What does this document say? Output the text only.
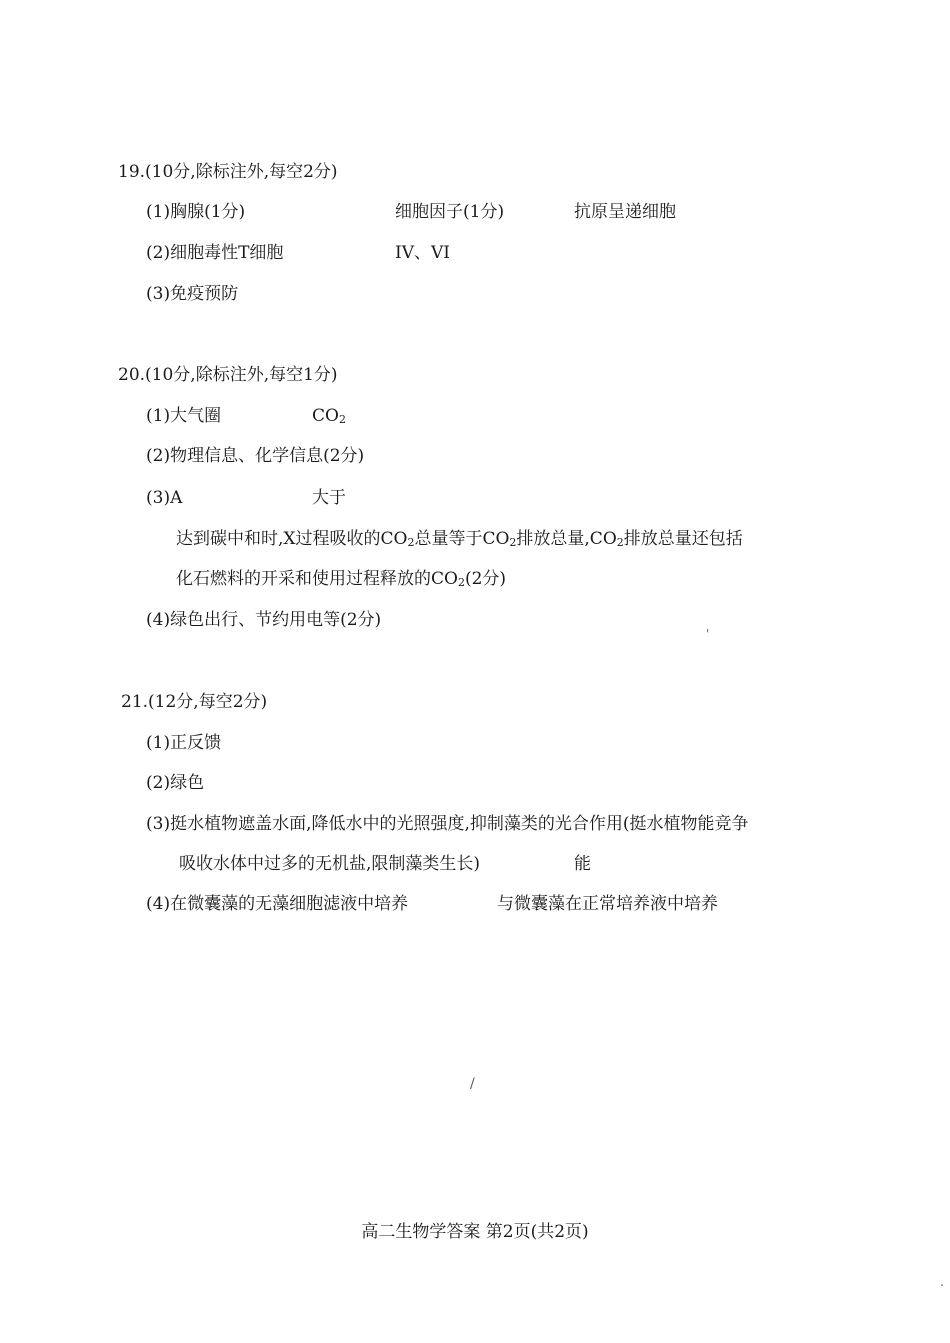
19.(10分,除标注外,每空2分)
(1)胸腺(1分)	细胞因子(1分)	抗原呈递细胞
(2)细胞毒性T细胞	IV、VI
(3)免疫预防
20.(10分,除标注外,每空1分)
(1)大气圈	$CO_2$
(2)物理信息、化学信息(2分)
(3)A	大于
达到碳中和时,X过程吸收的$CO_2$总量等于$CO_2$排放总量$,CO_2$排放总量还包括
化石燃料的开采和使用过程释放的$CO_2(2$分)
(4)绿色出行、节约用电等(2分)
21.(12分,每空2分)
(1)正反馈
(2)绿色
(3)挺水植物遮盖水面,降低水中的光照强度,抑制藻类的光合作用(挺水植物能竞争
吸收水体中过多的无机盐,限制藻类生长)	能
(4)在微囊藻的无藻细胞滤液中培养	与微囊藻在正常培养液中培养
'
/
.
高二生物学答案 第2页(共2页)
